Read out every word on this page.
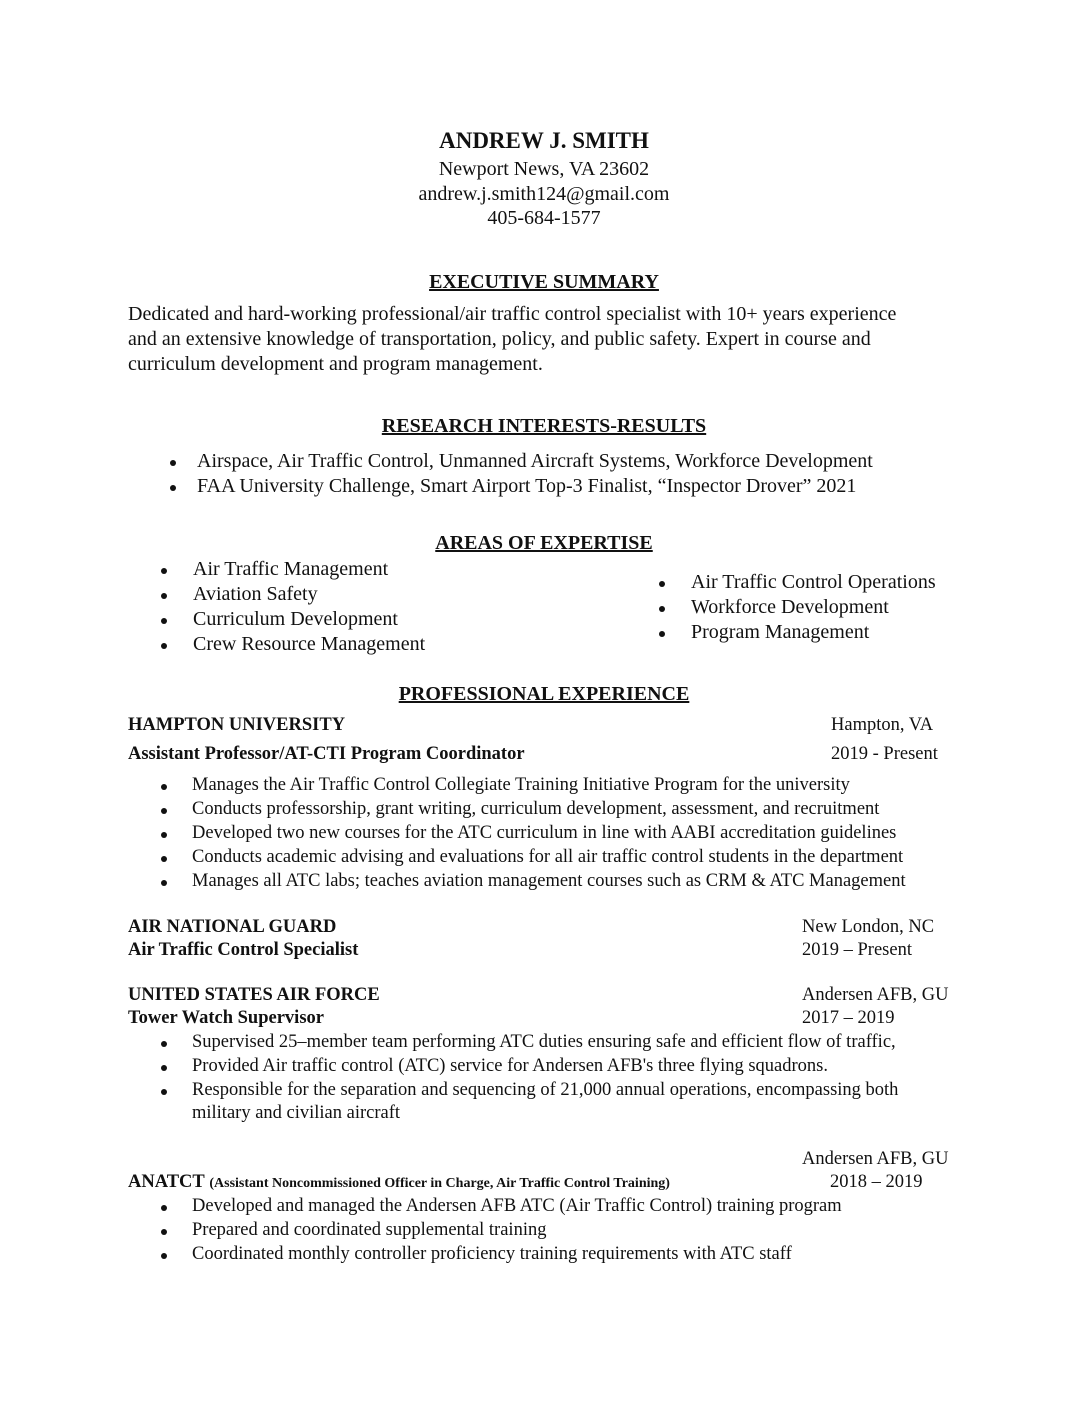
ANDREW J. SMITH
Newport News, VA 23602
andrew.j.smith124@gmail.com
405-684-1577
EXECUTIVE SUMMARY
Dedicated and hard-working professional/air traffic control specialist with 10+ years experience
and an extensive knowledge of transportation, policy, and public safety. Expert in course and
curriculum development and program management.
RESEARCH INTERESTS-RESULTS
Airspace, Air Traffic Control, Unmanned Aircraft Systems, Workforce Development
FAA University Challenge, Smart Airport Top-3 Finalist, “Inspector Drover” 2021
AREAS OF EXPERTISE
Air Traffic Management
Aviation Safety
Curriculum Development
Crew Resource Management
Air Traffic Control Operations
Workforce Development
Program Management
PROFESSIONAL EXPERIENCE
HAMPTON UNIVERSITY	Hampton, VA
Assistant Professor/AT-CTI Program Coordinator	2019 - Present
Manages the Air Traffic Control Collegiate Training Initiative Program for the university
Conducts professorship, grant writing, curriculum development, assessment, and recruitment
Developed two new courses for the ATC curriculum in line with AABI accreditation guidelines
Conducts academic advising and evaluations for all air traffic control students in the department
Manages all ATC labs; teaches aviation management courses such as CRM & ATC Management
AIR NATIONAL GUARD	New London, NC
Air Traffic Control Specialist	2019 – Present
UNITED STATES AIR FORCE	Andersen AFB, GU
Tower Watch Supervisor	2017 – 2019
Supervised 25–member team performing ATC duties ensuring safe and efficient flow of traffic,
Provided Air traffic control (ATC) service for Andersen AFB's three flying squadrons.
Responsible for the separation and sequencing of 21,000 annual operations, encompassing both
military and civilian aircraft
Andersen AFB, GU
ANATCT (Assistant Noncommissioned Officer in Charge, Air Traffic Control Training)	2018 – 2019
Developed and managed the Andersen AFB ATC (Air Traffic Control) training program
Prepared and coordinated supplemental training
Coordinated monthly controller proficiency training requirements with ATC staff
